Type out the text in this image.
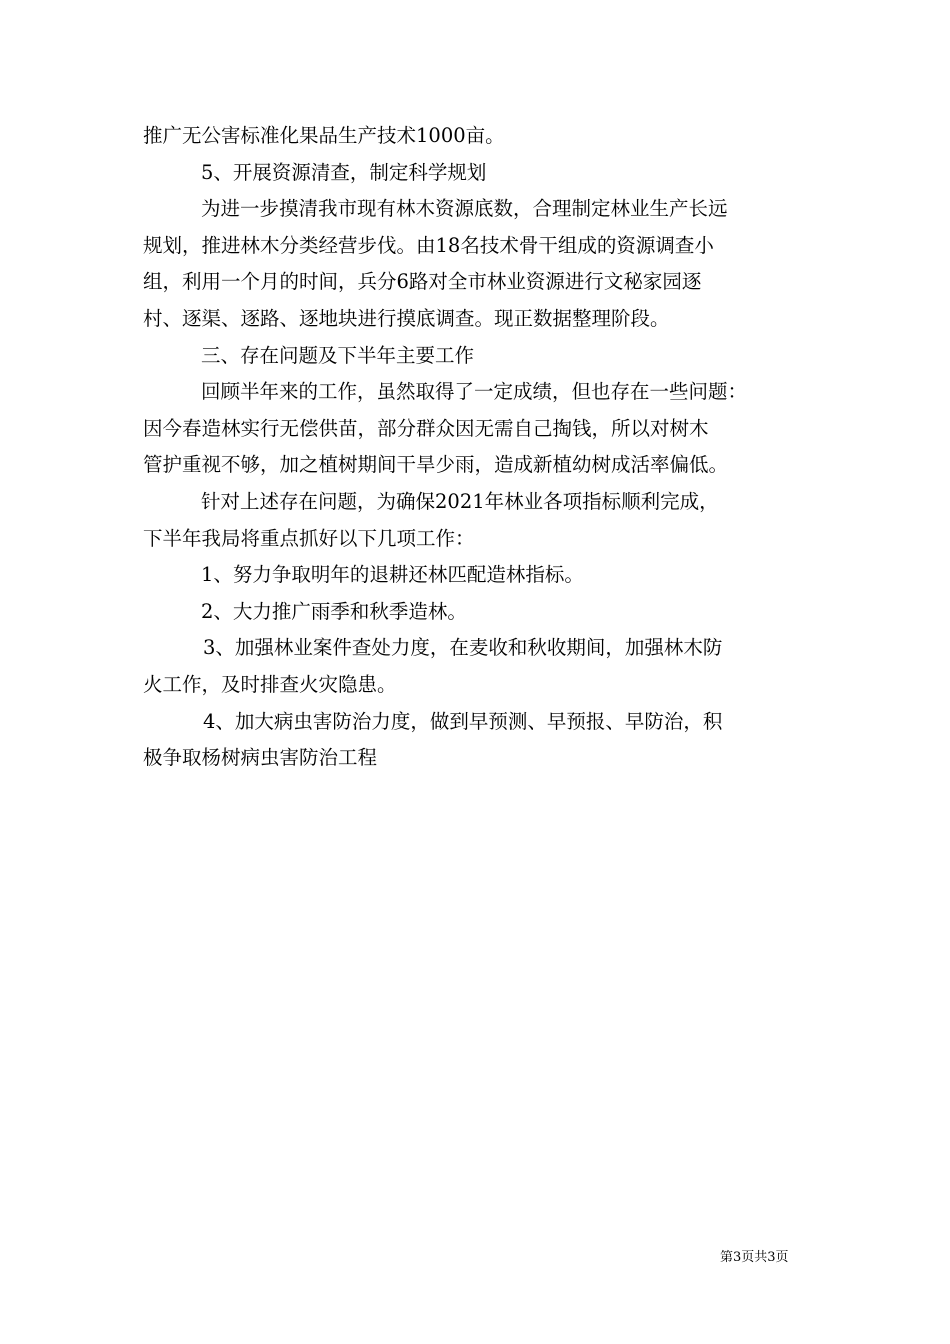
推广无公害标准化果品生产技术1000亩。
5、开展资源清查，制定科学规划
为进一步摸清我市现有林木资源底数，合理制定林业生产长远
规划，推进林木分类经营步伐。由18名技术骨干组成的资源调查小
组，利用一个月的时间，兵分6路对全市林业资源进行文秘家园逐
村、逐渠、逐路、逐地块进行摸底调查。现正数据整理阶段。
三、存在问题及下半年主要工作
回顾半年来的工作，虽然取得了一定成绩，但也存在一些问题：
因今春造林实行无偿供苗，部分群众因无需自己掏钱，所以对树木
管护重视不够，加之植树期间干旱少雨，造成新植幼树成活率偏低。
针对上述存在问题，为确保2021年林业各项指标顺利完成，
下半年我局将重点抓好以下几项工作：
1、努力争取明年的退耕还林匹配造林指标。
2、大力推广雨季和秋季造林。
3、加强林业案件查处力度，在麦收和秋收期间，加强林木防
火工作，及时排查火灾隐患。
4、加大病虫害防治力度，做到早预测、早预报、早防治，积
极争取杨树病虫害防治工程
第3页共3页
